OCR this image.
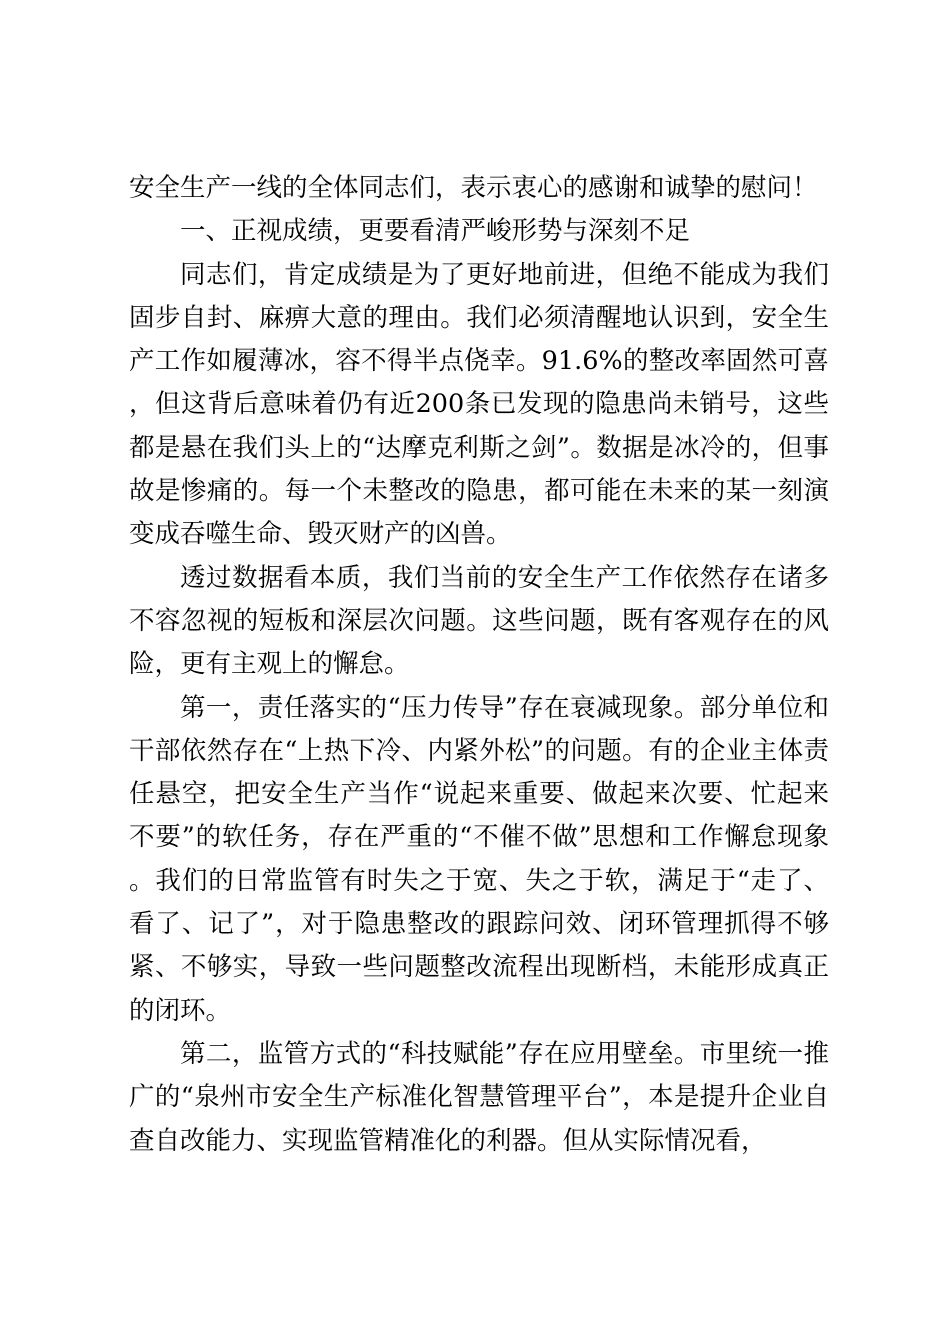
安全生产一线的全体同志们，表示衷心的感谢和诚挚的慰问！

一、正视成绩，更要看清严峻形势与深刻不足

同志们，肯定成绩是为了更好地前进，但绝不能成为我们固步自封、麻痹大意的理由。我们必须清醒地认识到，安全生产工作如履薄冰，容不得半点侥幸。91.6%的整改率固然可喜，但这背后意味着仍有近200条已发现的隐患尚未销号，这些都是悬在我们头上的“达摩克利斯之剑”。数据是冰冷的，但事故是惨痛的。每一个未整改的隐患，都可能在未来的某一刻演变成吞噬生命、毁灭财产的凶兽。

透过数据看本质，我们当前的安全生产工作依然存在诸多不容忽视的短板和深层次问题。这些问题，既有客观存在的风险，更有主观上的懈怠。

第一，责任落实的“压力传导”存在衰减现象。部分单位和干部依然存在“上热下冷、内紧外松”的问题。有的企业主体责任悬空，把安全生产当作“说起来重要、做起来次要、忙起来不要”的软任务，存在严重的“不催不做”思想和工作懈怠现象。我们的日常监管有时失之于宽、失之于软，满足于“走了、看了、记了”，对于隐患整改的跟踪问效、闭环管理抓得不够紧、不够实，导致一些问题整改流程出现断档，未能形成真正的闭环。

第二，监管方式的“科技赋能”存在应用壁垒。市里统一推广的“泉州市安全生产标准化智慧管理平台”，本是提升企业自查自改能力、实现监管精准化的利器。但从实际情况看，
